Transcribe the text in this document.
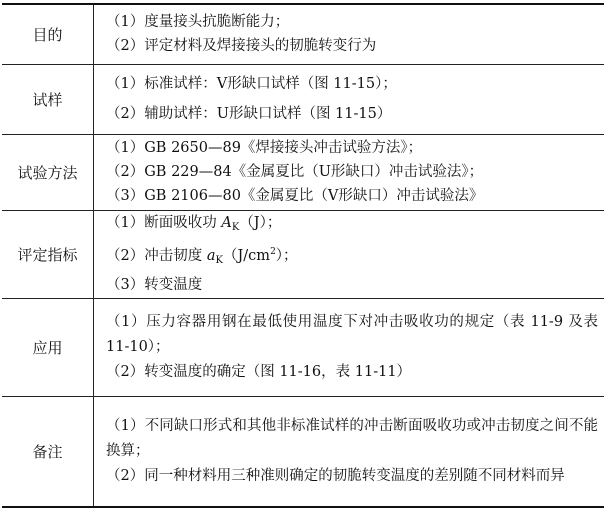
目的	（1）度量接头抗脆断能力；
（2）评定材料及焊接接头的韧脆转变行为

试样	（1）标准试样：V形缺口试样（图 11-15）；
（2）辅助试样：U形缺口试样（图 11-15）

试验方法	（1）GB 2650—89《焊接接头冲击试验方法》；
（2）GB 229—84《金属夏比（U形缺口）冲击试验法》；
（3）GB 2106—80《金属夏比（V形缺口）冲击试验法》

评定指标	（1）断面吸收功 $A_K(J)$；
（2）冲击韧度 $a_K(J/cm^2)$；
（3）转变温度

应用	（1）压力容器用钢在最低使用温度下对冲击吸收功的规定（表 11-9 及表 11-10）；
（2）转变温度的确定（图 11-16，表 11-11）

备注	（1）不同缺口形式和其他非标准试样的冲击断面吸收功或冲击韧度之间不能换算；
（2）同一种材料用三种准则确定的韧脆转变温度的差别随不同材料而异
